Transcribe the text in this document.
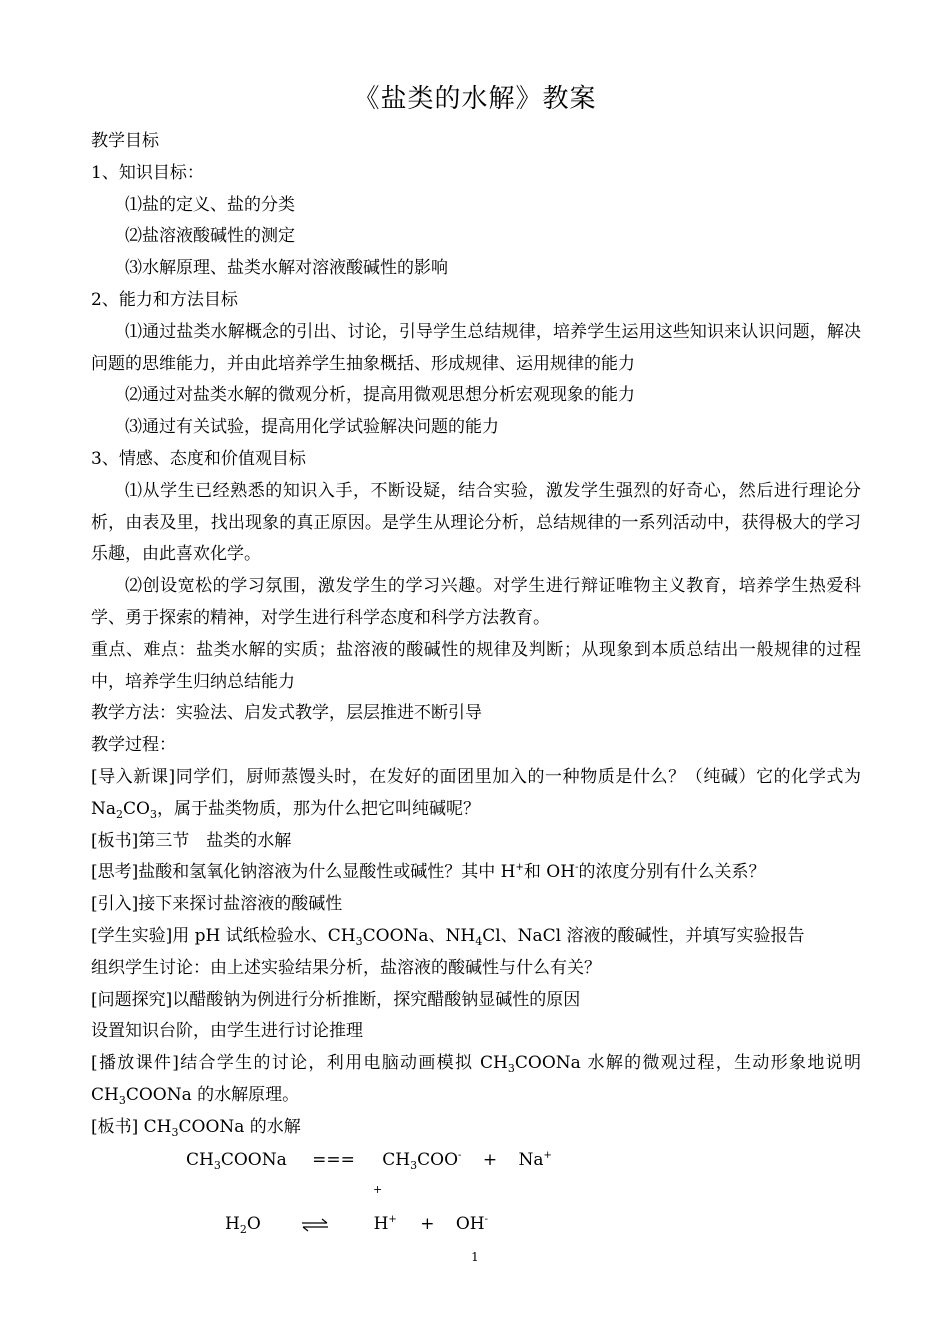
《盐类的水解》教案
教学目标
1、知识目标：
⑴盐的定义、盐的分类
⑵盐溶液酸碱性的测定
⑶水解原理、盐类水解对溶液酸碱性的影响
2、能力和方法目标
⑴通过盐类水解概念的引出、讨论，引导学生总结规律，培养学生运用这些知识来认识问题，解决问题的思维能力，并由此培养学生抽象概括、形成规律、运用规律的能力
⑵通过对盐类水解的微观分析，提高用微观思想分析宏观现象的能力
⑶通过有关试验，提高用化学试验解决问题的能力
3、情感、态度和价值观目标
⑴从学生已经熟悉的知识入手，不断设疑，结合实验，激发学生强烈的好奇心，然后进行理论分析，由表及里，找出现象的真正原因。是学生从理论分析，总结规律的一系列活动中，获得极大的学习乐趣，由此喜欢化学。
⑵创设宽松的学习氛围，激发学生的学习兴趣。对学生进行辩证唯物主义教育，培养学生热爱科学、勇于探索的精神，对学生进行科学态度和科学方法教育。
重点、难点：盐类水解的实质；盐溶液的酸碱性的规律及判断；从现象到本质总结出一般规律的过程中，培养学生归纳总结能力
教学方法：实验法、启发式教学，层层推进不断引导
教学过程：
[导入新课]同学们，厨师蒸馒头时，在发好的面团里加入的一种物质是什么？（纯碱）它的化学式为$Na_2CO_3$，属于盐类物质，那为什么把它叫纯碱呢？
[板书]第三节　盐类的水解
[思考]盐酸和氢氧化钠溶液为什么显酸性或碱性？其中 H+和 OH-的浓度分别有什么关系？
[引入]接下来探讨盐溶液的酸碱性
[学生实验]用 pH 试纸检验水、$CH_3COONa$、$NH_4Cl$、NaCl 溶液的酸碱性，并填写实验报告
组织学生讨论：由上述实验结果分析，盐溶液的酸碱性与什么有关？
[问题探究]以醋酸钠为例进行分析推断，探究醋酸钠显碱性的原因
设置知识台阶，由学生进行讨论推理
[播放课件]结合学生的讨论，利用电脑动画模拟 $CH_3COONa$ 水解的微观过程，生动形象地说明 $CH_3COONa$ 的水解原理。
[板书] $CH_3COONa$ 的水解
$CH_3COONa$ === $CH_3COO^- + Na^+$
+
$H_2O$	H+ + OH-
1
